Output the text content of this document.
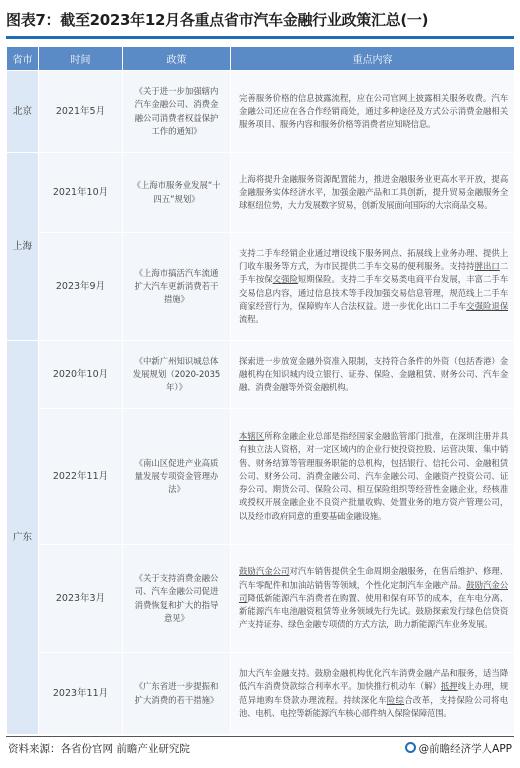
图表7：截至2023年12月各重点省市汽车金融行业政策汇总(一)
省市	时间	政策	重点内容
北京	2021年5月	《关于进一步加强辖内汽车金融公司、消费金融公司消费者权益保护工作的通知》	完善服务价格的信息披露流程，应在公司官网上披露相关服务收费。汽车金融公司还应在各合作经销商处，通过多种途径及方式公示消费金融相关服务项目、服务内容和服务价格等消费者应知晓信息。
上海	2021年10月	《上海市服务业发展“十四五”规划》	上海将提升金融服务资源配置能力，推进金融服务业更高水平开放，提高金融服务实体经济水平，加强金融产品和工具创新，提升贸易金融服务全球枢纽位势，大力发展数字贸易，创新发展面向国际的大宗商品交易。
	2023年9月	《上海市搞活汽车流通扩大汽车更新消费若干措施》	支持二手车经销企业通过增设线下服务网点、拓展线上业务办理、提供上门收车服务等方式，为市民提供二手车交易的便利服务。支持持牌出口二手车按保交强险短期保险。支持二手车交易类电商平台发展，丰富二手车交易信息内容，通过信息技术等手段加强交易信息管理，规范线上二手车商家经营行为，保障购车人合法权益。进一步优化出口二手车交强险退保流程。
广东	2020年10月	《中新广州知识城总体发展规划（2020-2035年）》	探索进一步放宽金融外资准入限制，支持符合条件的外资（包括香港）金融机构在知识城内设立银行、证券、保险、金融租赁、财务公司、汽车金融、消费金融等外资金融机构。
	2022年11月	《南山区促进产业高质量发展专项资金管理办法》	本辖区所称金融企业总部是指经国家金融监管部门批准，在深圳注册并具有独立法人资格，对一定区域内的企业行使投资控股、运营决策、集中销售、财务结算等管理服务职能的总机构，包括银行、信托公司、金融租赁公司、财务公司、消费金融公司、汽车金融公司、金融资产投资公司、证券公司、期货公司、保险公司、相互保险组织等经营性金融企业，经核准或授权开展金融企业不良资产批量收购、处置业务的地方资产管理公司，以及经市政府同意的重要基础金融设施。
	2023年3月	《关于支持消费金融公司、汽车金融公司促进消费恢复和扩大的指导意见》	鼓励汽金公司对汽车销售提供全生命周期金融服务，在售后维护、修理、汽车零配件和加油站销售等领域，个性化定制汽车金融产品。鼓励汽金公司降低新能源汽车消费者在购置、使用和保有环节的成本，在车电分离、新能源汽车电池融资租赁等业务领域先行先试。鼓励探索发行绿色信贷资产支持证券、绿色金融专项债的方式方法，助力新能源汽车业务发展。
	2023年11月	《广东省进一步提振和扩大消费的若干措施》	加大汽车金融支持。鼓励金融机构优化汽车消费金融产品和服务，适当降低汽车消费贷款综合利率水平。加快推行机动车（解）抵押线上办理，规范异地购车贷款办理流程。持续深化车险综合改革，支持保险公司将电池、电机、电控等新能源汽车核心部件纳入保险保障范围。
资料来源：各省份官网 前瞻产业研究院	@前瞻经济学人APP
